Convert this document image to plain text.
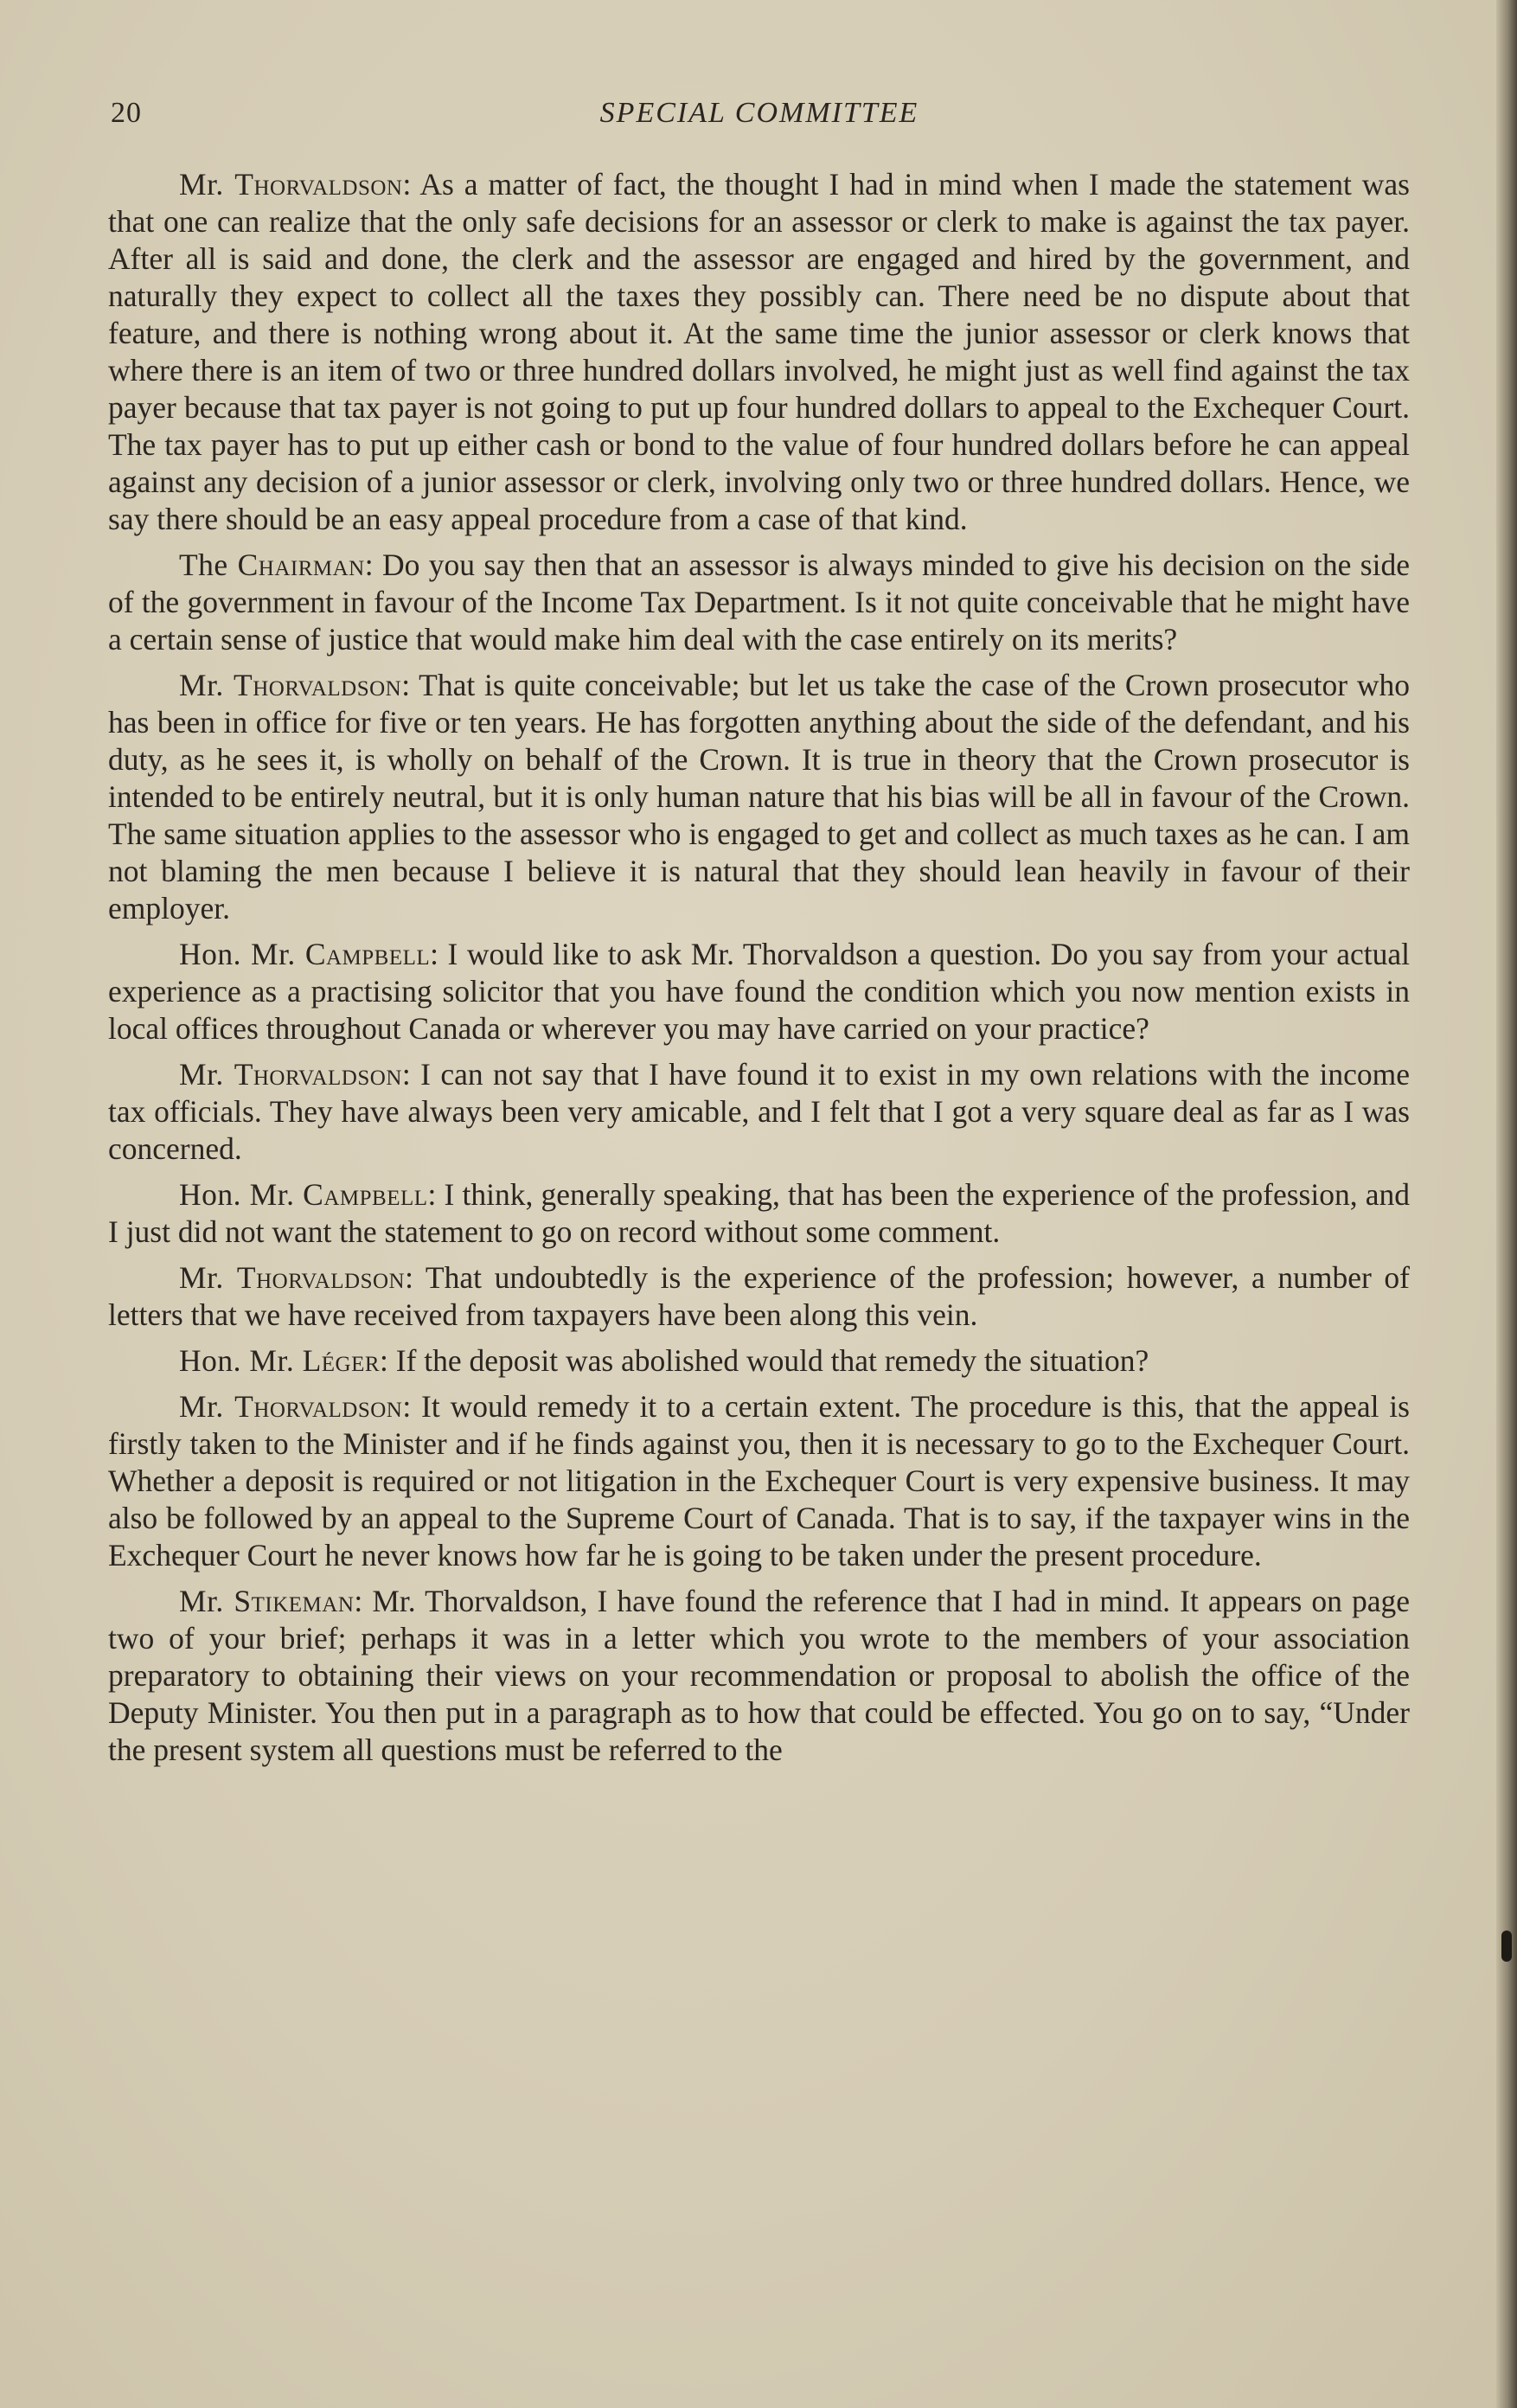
20	SPECIAL COMMITTEE

Mr. Thorvaldson: As a matter of fact, the thought I had in mind when I made the statement was that one can realize that the only safe decisions for an assessor or clerk to make is against the tax payer. After all is said and done, the clerk and the assessor are engaged and hired by the government, and naturally they expect to collect all the taxes they possibly can. There need be no dispute about that feature, and there is nothing wrong about it. At the same time the junior assessor or clerk knows that where there is an item of two or three hundred dollars involved, he might just as well find against the tax payer because that tax payer is not going to put up four hundred dollars to appeal to the Exchequer Court. The tax payer has to put up either cash or bond to the value of four hundred dollars before he can appeal against any decision of a junior assessor or clerk, involving only two or three hundred dollars. Hence, we say there should be an easy appeal procedure from a case of that kind.

The Chairman: Do you say then that an assessor is always minded to give his decision on the side of the government in favour of the Income Tax Department. Is it not quite conceivable that he might have a certain sense of justice that would make him deal with the case entirely on its merits?

Mr. Thorvaldson: That is quite conceivable; but let us take the case of the Crown prosecutor who has been in office for five or ten years. He has forgotten anything about the side of the defendant, and his duty, as he sees it, is wholly on behalf of the Crown. It is true in theory that the Crown prosecutor is intended to be entirely neutral, but it is only human nature that his bias will be all in favour of the Crown. The same situation applies to the assessor who is engaged to get and collect as much taxes as he can. I am not blaming the men because I believe it is natural that they should lean heavily in favour of their employer.

Hon. Mr. Campbell: I would like to ask Mr. Thorvaldson a question. Do you say from your actual experience as a practising solicitor that you have found the condition which you now mention exists in local offices throughout Canada or wherever you may have carried on your practice?

Mr. Thorvaldson: I can not say that I have found it to exist in my own relations with the income tax officials. They have always been very amicable, and I felt that I got a very square deal as far as I was concerned.

Hon. Mr. Campbell: I think, generally speaking, that has been the experience of the profession, and I just did not want the statement to go on record without some comment.

Mr. Thorvaldson: That undoubtedly is the experience of the profession; however, a number of letters that we have received from taxpayers have been along this vein.

Hon. Mr. Léger: If the deposit was abolished would that remedy the situation?

Mr. Thorvaldson: It would remedy it to a certain extent. The procedure is this, that the appeal is firstly taken to the Minister and if he finds against you, then it is necessary to go to the Exchequer Court. Whether a deposit is required or not litigation in the Exchequer Court is very expensive business. It may also be followed by an appeal to the Supreme Court of Canada. That is to say, if the taxpayer wins in the Exchequer Court he never knows how far he is going to be taken under the present procedure.

Mr. Stikeman: Mr. Thorvaldson, I have found the reference that I had in mind. It appears on page two of your brief; perhaps it was in a letter which you wrote to the members of your association preparatory to obtaining their views on your recommendation or proposal to abolish the office of the Deputy Minister. You then put in a paragraph as to how that could be effected. You go on to say, “Under the present system all questions must be referred to the
